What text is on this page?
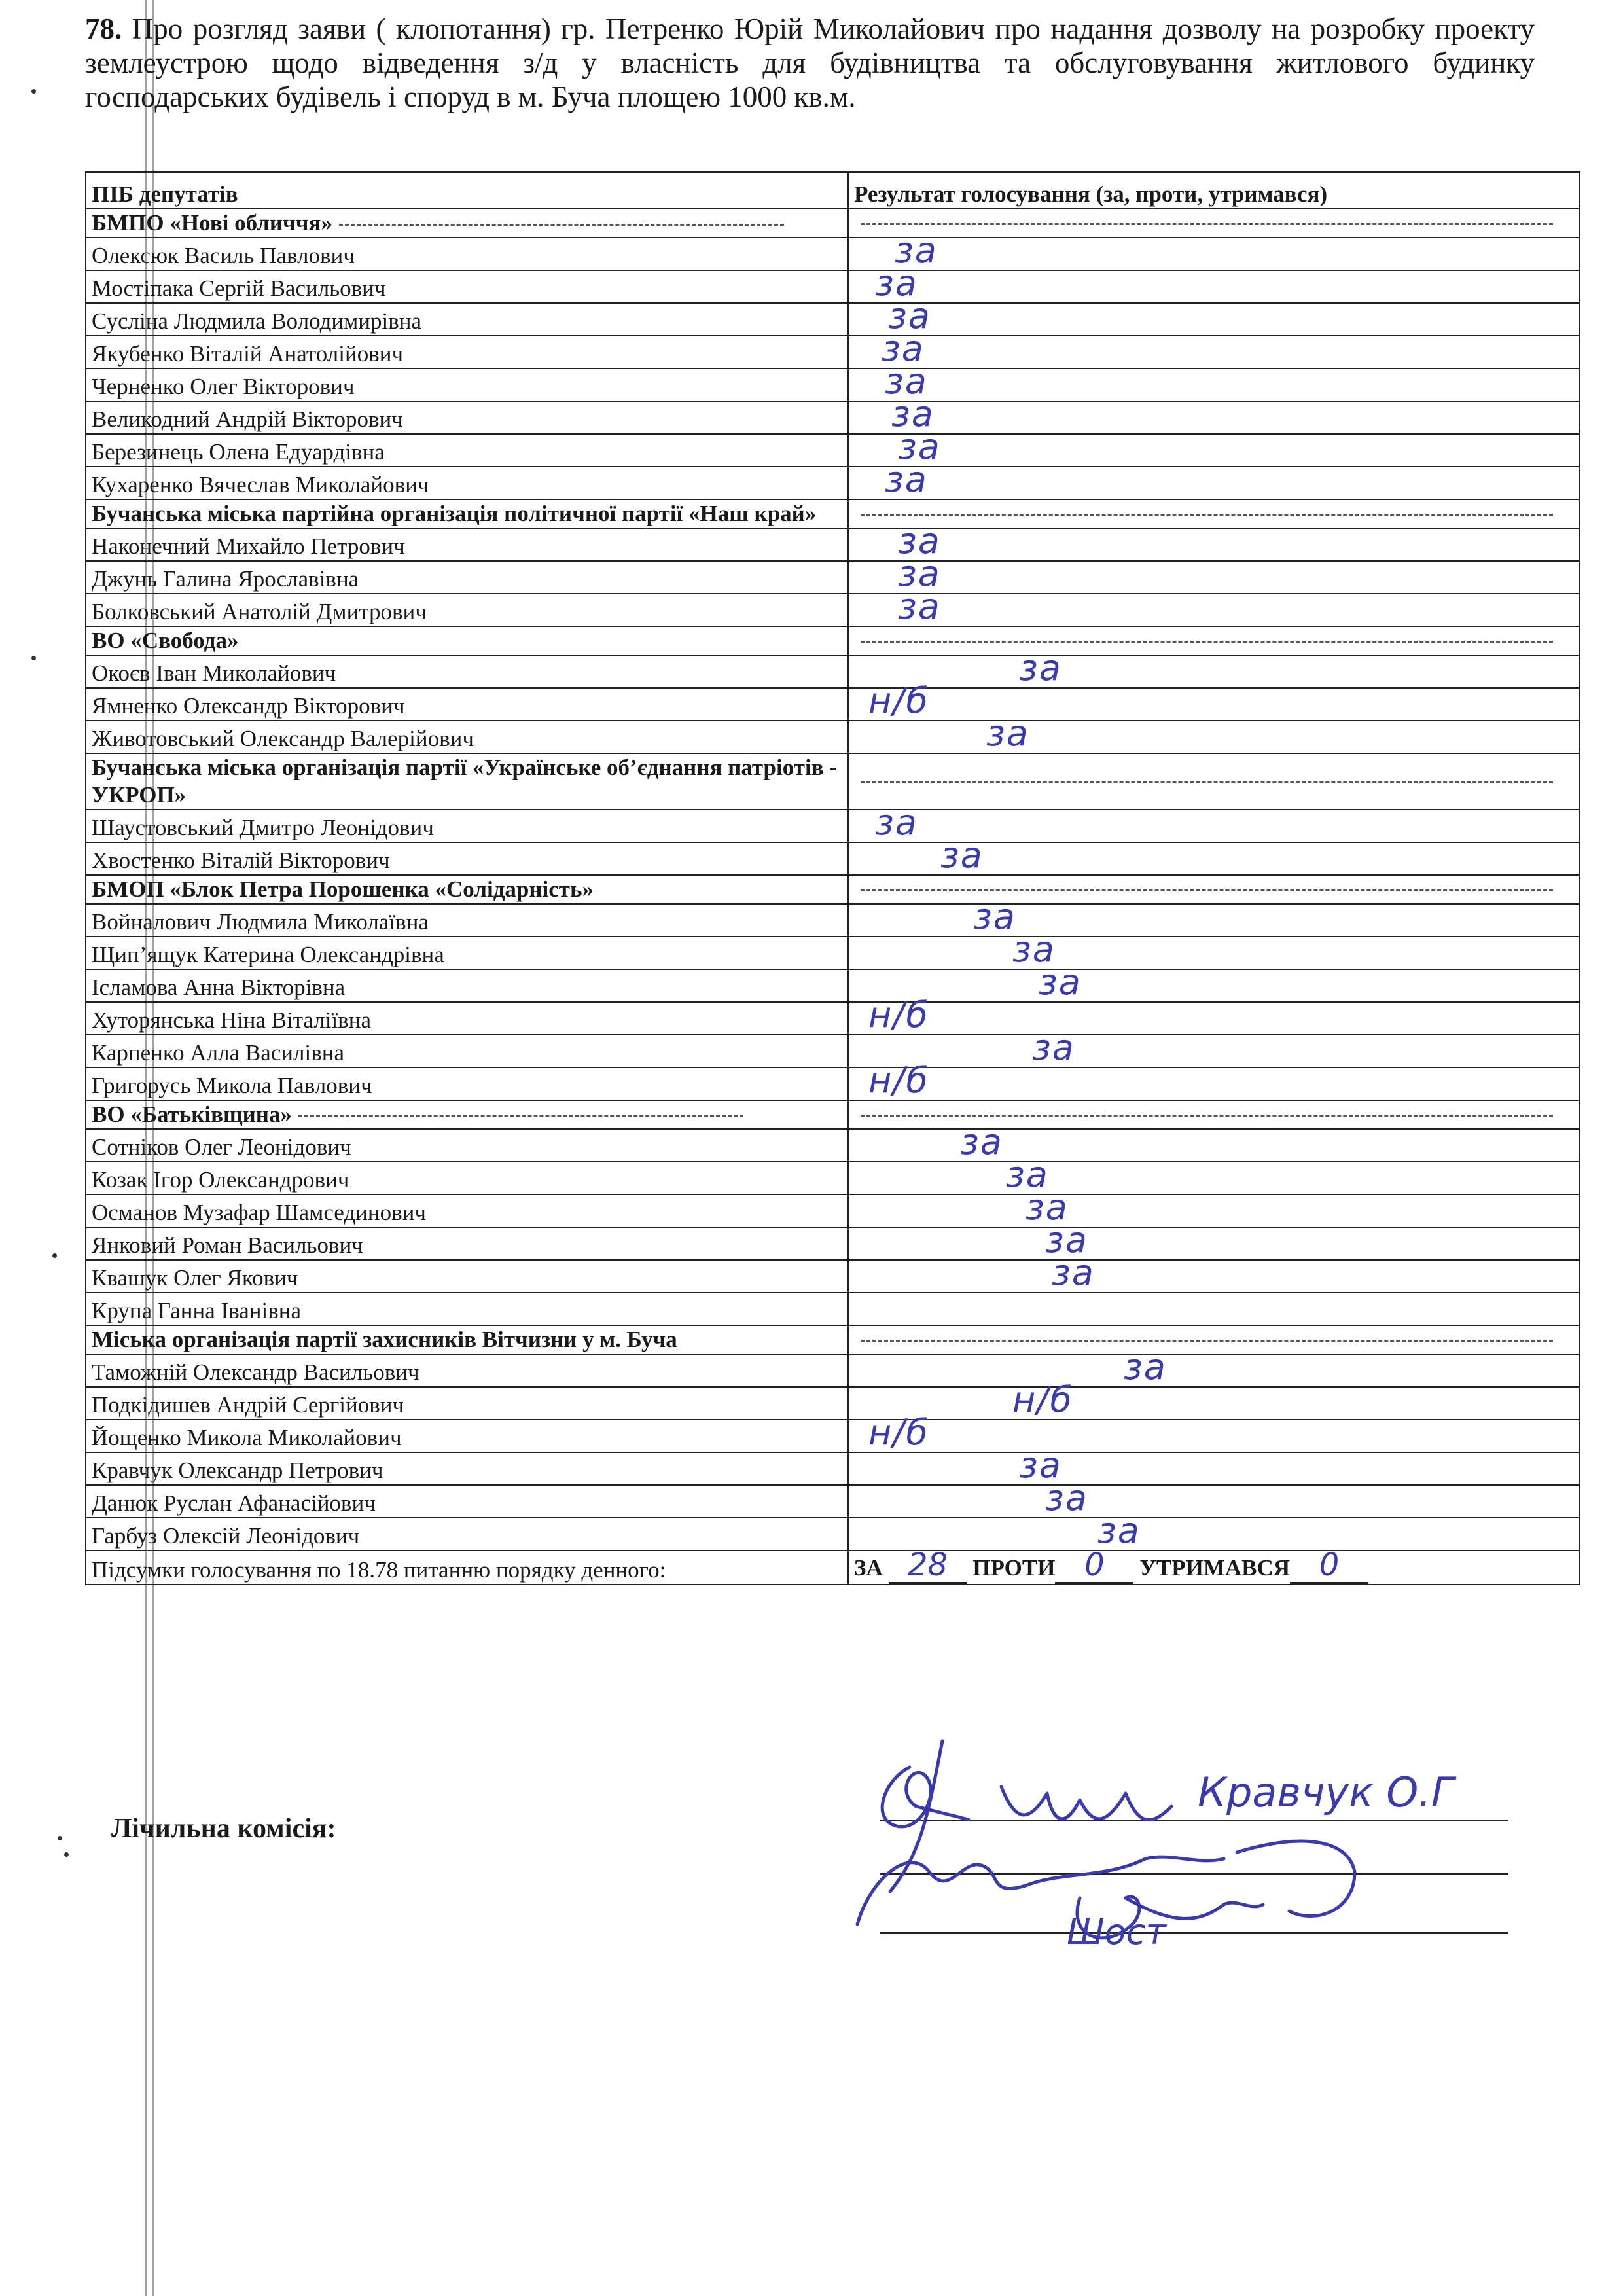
78. Про розгляд заяви ( клопотання) гр. Петренко Юрій Миколайович про надання дозволу на розробку проекту землеустрою щодо відведення з/д у власність для будівництва та обслуговування житлового будинку господарських будівель і споруд в м. Буча площею 1000 кв.м.
ПІБ депутатів	Результат голосування (за, проти, утримався)
БМПО «Нові обличчя»	

Олексюк Василь Павлович	за

Мостіпака Сергій Васильович	за

Сусліна Людмила Володимирівна	за

Якубенко Віталій Анатолійович	за

Черненко Олег Вікторович	за

Великодний Андрій Вікторович	за

Березинець Олена Едуардівна	за

Кухаренко Вячеслав Миколайович	за

Бучанська міська партійна організація політичної партії «Наш край»	

Наконечний Михайло Петрович	за

Джунь Галина Ярославівна	за

Болковський Анатолій Дмитрович	за

ВО «Свобода»	

Окоєв Іван Миколайович	за

Ямненко Олександр Вікторович	н/б

Животовський Олександр Валерійович	за

Бучанська міська організація партії «Українське об’єднання патріотів - УКРОП»	

Шаустовський Дмитро Леонідович	за

Хвостенко Віталій Вікторович	за

БМОП «Блок Петра Порошенка «Солідарність»	

Войналович Людмила Миколаївна	за

Щип’ящук Катерина Олександрівна	за

Ісламова Анна Вікторівна	за

Хуторянська Ніна Віталіївна	н/б

Карпенко Алла Василівна	за

Григорусь Микола Павлович	н/б

ВО «Батьківщина»	

Сотніков Олег Леонідович	за

Козак Ігор Олександрович	за

Османов Музафар Шамсединович	за

Янковий Роман Васильович	за

Квашук Олег Якович	за

Крупа Ганна Іванівна	

Міська організація партії захисників Вітчизни у м. Буча	

Таможній Олександр Васильович	за

Подкідишев Андрій Сергійович	н/б

Йощенко Микола Миколайович	н/б

Кравчук Олександр Петрович	за

Данюк Руслан Афанасійович	за

Гарбуз Олексій Леонідович	за

Підсумки голосування по 18.78 питанню порядку денного:	ЗА 28 ПРОТИ 0 УТРИМАВСЯ 0
Лічильна комісія:
Кравчук О.Г
Шост
